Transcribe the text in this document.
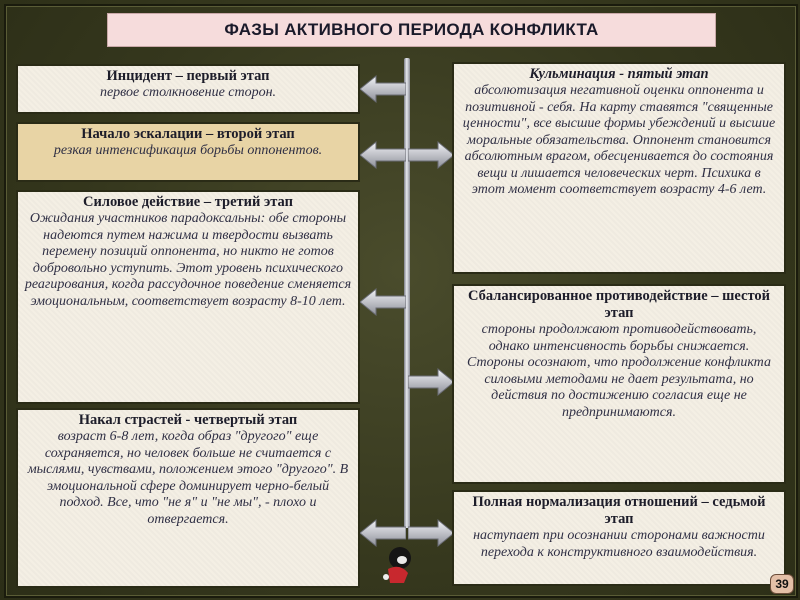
ФАЗЫ АКТИВНОГО ПЕРИОДА КОНФЛИКТА
Инцидент – первый этап

первое столкновение сторон.

Начало эскалации – второй этап

резкая интенсификация борьбы оппонентов.

Силовое действие – третий этап

Ожидания участников парадоксальны: обе стороны надеются путем нажима и твердости вызвать перемену позиций оппонента, но никто не готов добровольно уступить. Этот уровень психического реагирования, когда рассудочное поведение сменяется эмоциональным, соответствует возрасту 8-10 лет.

Накал страстей - четвертый этап

возраст 6-8 лет, когда образ "другого" еще сохраняется, но человек больше не считается с мыслями, чувствами, положением этого "другого". В эмоциональной сфере доминирует черно-белый подход. Все, что "не я" и "не мы", - плохо и отвергается.

Кульминация - пятый этап

абсолютизация негативной оценки оппонента и позитивной - себя. На карту ставятся "священные ценности", все высшие формы убеждений и высшие моральные обязательства. Оппонент становится абсолютным врагом, обесценивается до состояния вещи и лишается человеческих черт. Психика в этот момент соответствует возрасту 4-6 лет.

Сбалансированное противодействие – шестой этап

стороны продолжают противодействовать, однако интенсивность борьбы снижается. Стороны осознают, что продолжение конфликта силовыми методами не дает результата, но действия по достижению согласия еще не предпринимаются.

Полная нормализация отношений – седьмой этап

наступает при осознании сторонами важности перехода к конструктивного взаимодействия.

39
